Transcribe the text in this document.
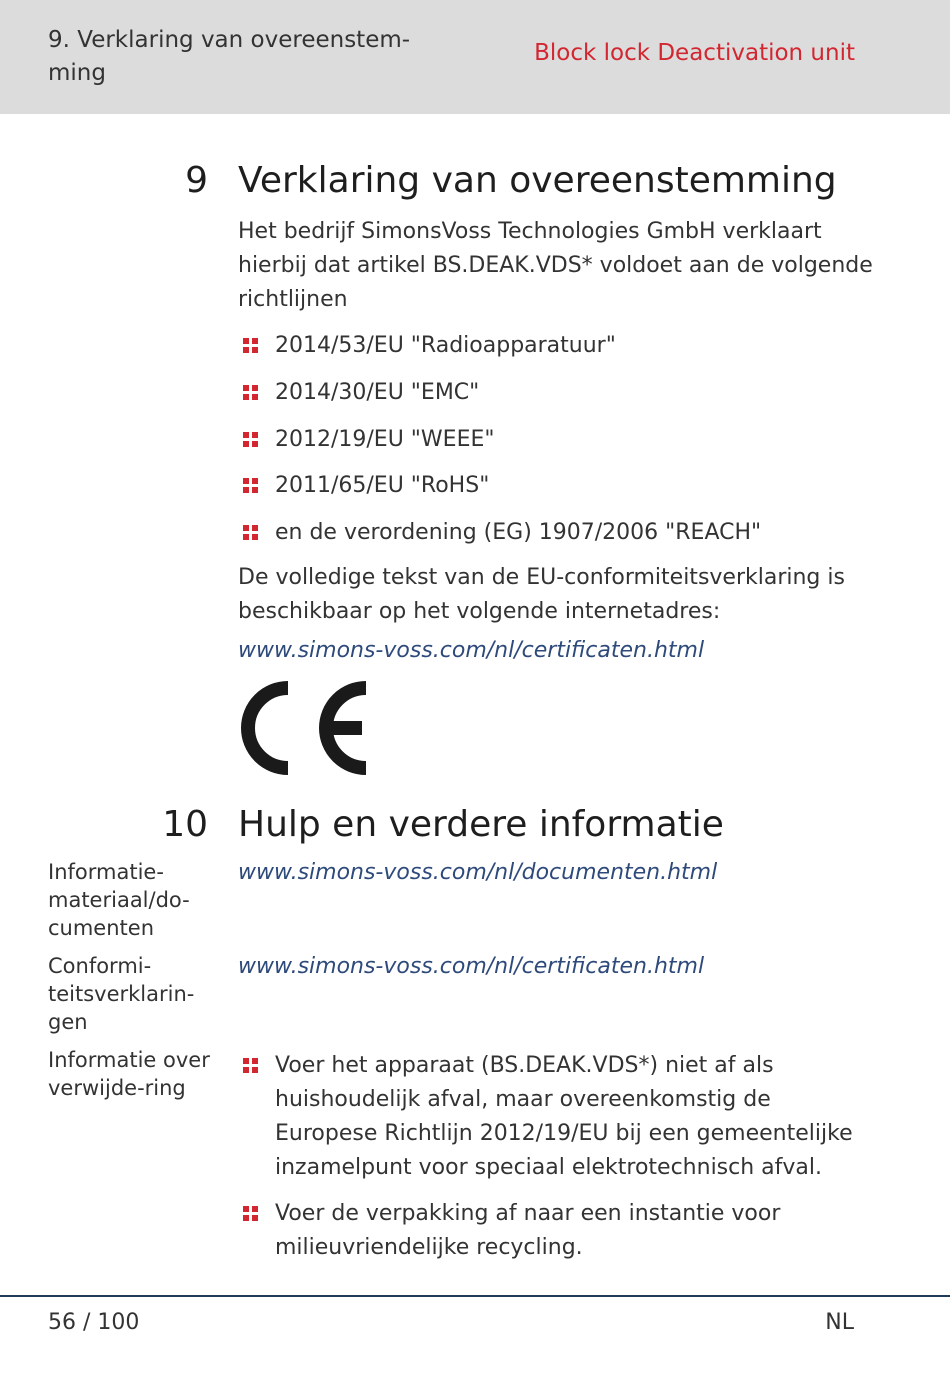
9. Verklaring van overeenstem-
ming
Block lock Deactivation unit
9 Verklaring van overeenstemming
Het bedrijf SimonsVoss Technologies GmbH verklaart hierbij dat artikel BS.DEAK.VDS* voldoet aan de volgende richtlijnen
2014/53/EU "Radioapparatuur"
2014/30/EU "EMC"
2012/19/EU "WEEE"
2011/65/EU "RoHS"
en de verordening (EG) 1907/2006 "REACH"
De volledige tekst van de EU-conformiteitsverklaring is beschikbaar op het volgende internetadres:
www.simons-voss.com/nl/certificaten.html
10 Hulp en verdere informatie
Informatie-materiaal/do-cumenten
www.simons-voss.com/nl/documenten.html
Conformi-teitsverklarin-gen
www.simons-voss.com/nl/certificaten.html
Informatie over verwijde-ring
Voer het apparaat (BS.DEAK.VDS*) niet af als huishoudelijk afval, maar overeenkomstig de Europese Richtlijn 2012/19/EU bij een gemeentelijke inzamelpunt voor speciaal elektrotechnisch afval.
Voer de verpakking af naar een instantie voor milieuvriendelijke recycling.
56 / 100	NL
